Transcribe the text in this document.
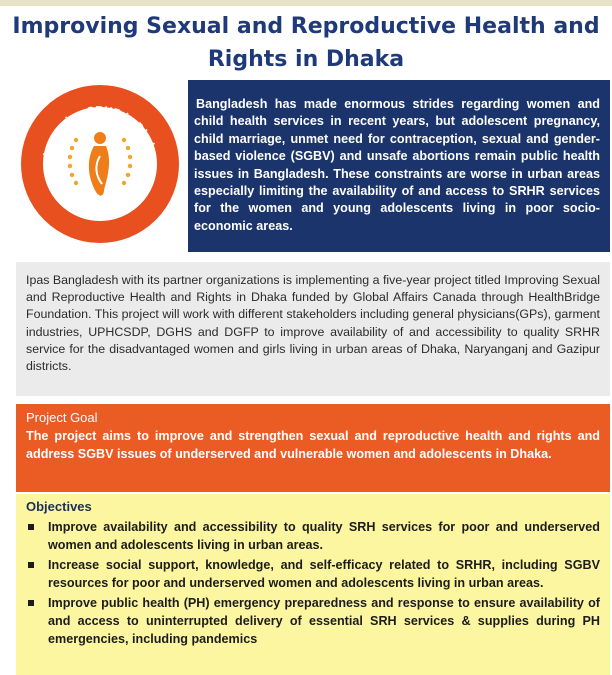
Improving Sexual and Reproductive Health and
Rights in Dhaka
Improving SRHR in Dhaka
নিরাপদ প্রজনন স্বাস্থ্য প্রকল্প
Bangladesh has made enormous strides regarding women and child health services in recent years, but adolescent pregnancy, child marriage, unmet need for contraception, sexual and gender-based violence (SGBV) and unsafe abortions remain public health issues in Bangladesh. These constraints are worse in urban areas especially limiting the availability of and access to SRHR services for the women and young adolescents living in poor socio-economic areas.
Ipas Bangladesh with its partner organizations is implementing a five-year project titled Improving Sexual and Reproductive Health and Rights in Dhaka funded by Global Affairs Canada through HealthBridge Foundation. This project will work with different stakeholders including general physicians(GPs), garment industries, UPHCSDP, DGHS and DGFP to improve availability of and accessibility to quality SRHR service for the disadvantaged women and girls living in urban areas of Dhaka, Naryanganj and Gazipur districts.
Project Goal
The project aims to improve and strengthen sexual and reproductive health and rights and address SGBV issues of underserved and vulnerable women and adolescents in Dhaka.
Objectives
Improve availability and accessibility to quality SRH services for poor and underserved women and adolescents living in urban areas.
Increase social support, knowledge, and self-efficacy related to SRHR, including SGBV resources for poor and underserved women and adolescents living in urban areas.
Improve public health (PH) emergency preparedness and response to ensure availability of and access to uninterrupted delivery of essential SRH services & supplies during PH emergencies, including pandemics
